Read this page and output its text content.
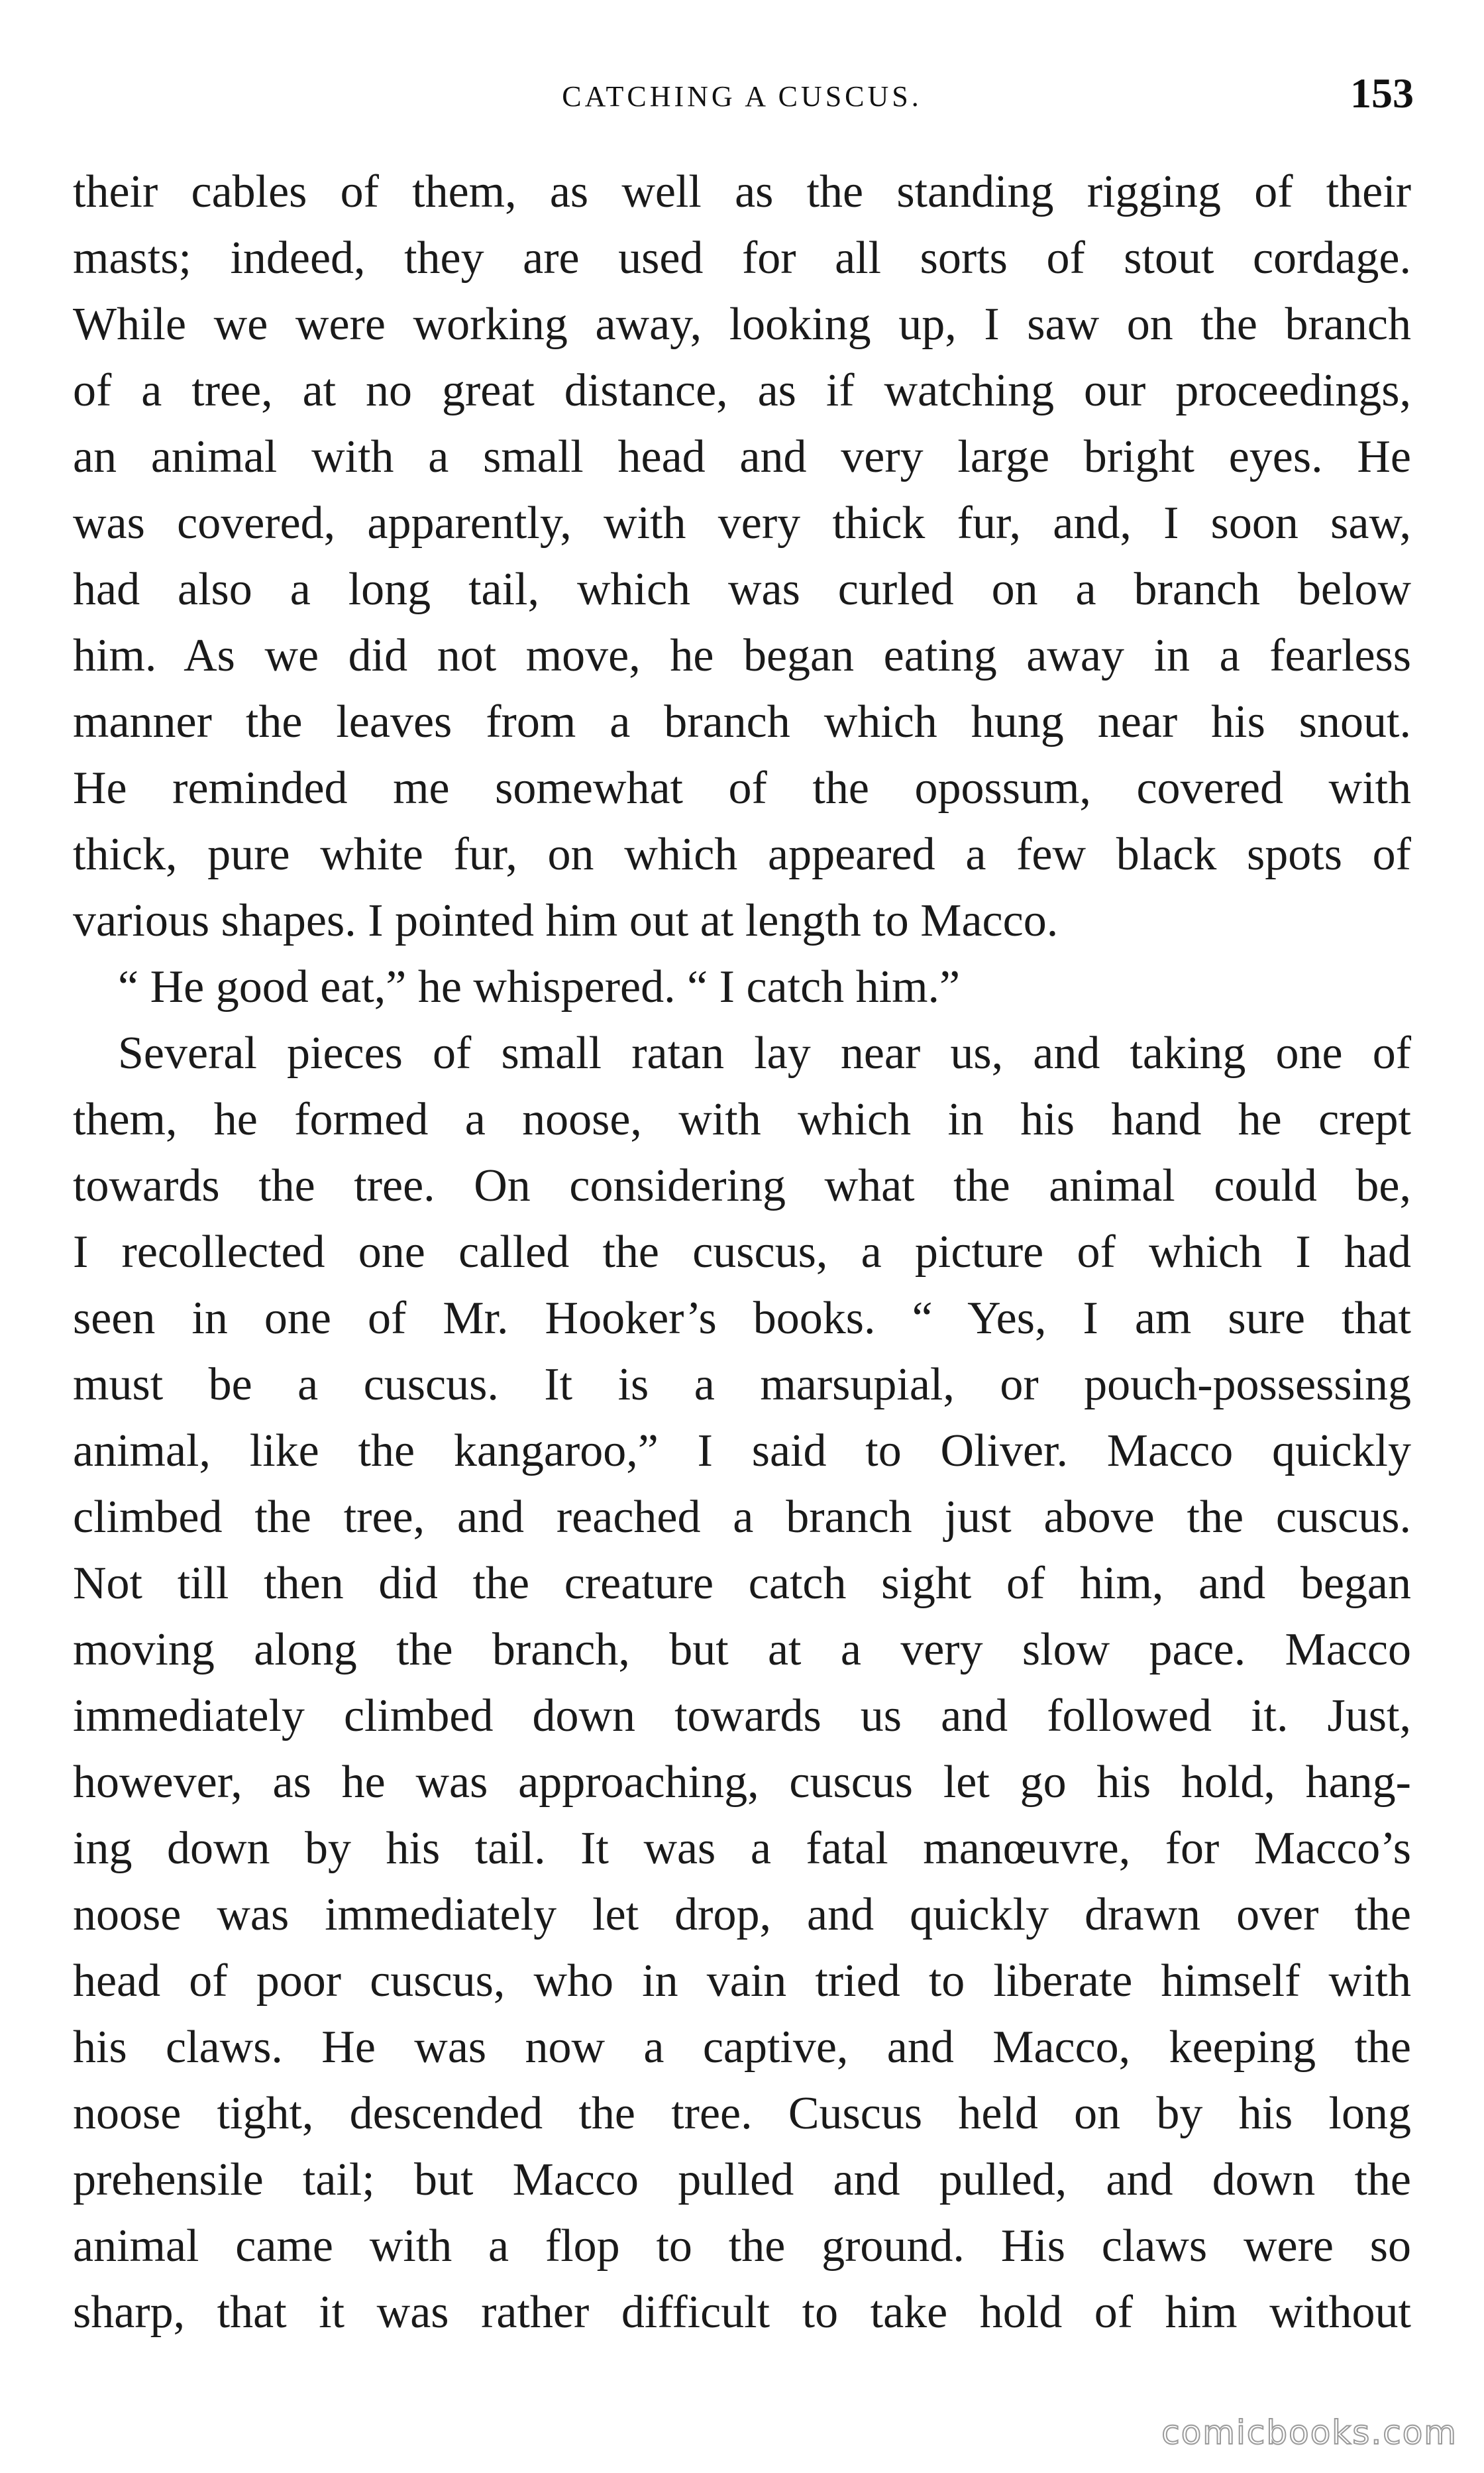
CATCHING A CUSCUS.	153
their cables of them, as well as the standing rigging of their
masts; indeed, they are used for all sorts of stout cordage.
While we were working away, looking up, I saw on the branch
of a tree, at no great distance, as if watching our proceedings,
an animal with a small head and very large bright eyes. He
was covered, apparently, with very thick fur, and, I soon saw,
had also a long tail, which was curled on a branch below
him. As we did not move, he began eating away in a fearless
manner the leaves from a branch which hung near his snout.
He reminded me somewhat of the opossum, covered with
thick, pure white fur, on which appeared a few black spots of
various shapes. I pointed him out at length to Macco.
“ He good eat,” he whispered. “ I catch him.”
Several pieces of small ratan lay near us, and taking one of
them, he formed a noose, with which in his hand he crept
towards the tree. On considering what the animal could be,
I recollected one called the cuscus, a picture of which I had
seen in one of Mr. Hooker’s books. “ Yes, I am sure that
must be a cuscus. It is a marsupial, or pouch-possessing
animal, like the kangaroo,” I said to Oliver. Macco quickly
climbed the tree, and reached a branch just above the cuscus.
Not till then did the creature catch sight of him, and began
moving along the branch, but at a very slow pace. Macco
immediately climbed down towards us and followed it. Just,
however, as he was approaching, cuscus let go his hold, hang-
ing down by his tail. It was a fatal manœuvre, for Macco’s
noose was immediately let drop, and quickly drawn over the
head of poor cuscus, who in vain tried to liberate himself with
his claws. He was now a captive, and Macco, keeping the
noose tight, descended the tree. Cuscus held on by his long
prehensile tail; but Macco pulled and pulled, and down the
animal came with a flop to the ground. His claws were so
sharp, that it was rather difficult to take hold of him without
comicbooks.com
